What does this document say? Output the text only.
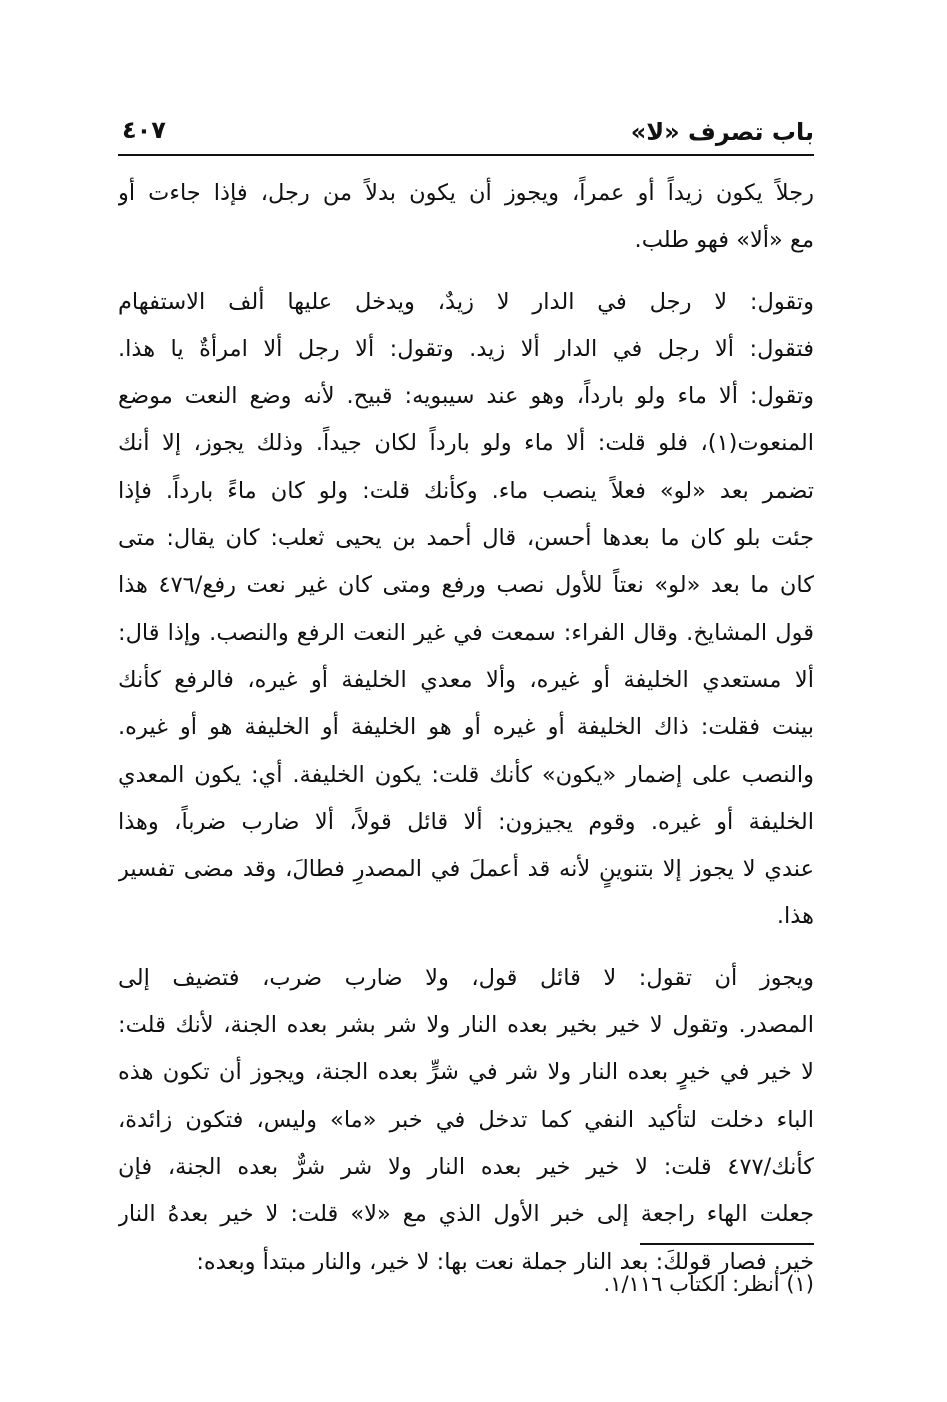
باب تصرف «لا»
٤٠٧
رجلاً يكون زيداً أو عمراً، ويجوز أن يكون بدلاً من رجل، فإذا جاءت أو
مع «ألا» فهو طلب.
وتقول: لا رجل في الدار لا زيدٌ، ويدخل عليها ألف الاستفهام
فتقول: ألا رجل في الدار ألا زيد. وتقول: ألا رجل ألا امرأةٌ يا هذا.
وتقول: ألا ماء ولو بارداً، وهو عند سيبويه: قبيح. لأنه وضع النعت موضع
المنعوت(١)، فلو قلت: ألا ماء ولو بارداً لكان جيداً. وذلك يجوز، إلا أنك
تضمر بعد «لو» فعلاً ينصب ماء. وكأنك قلت: ولو كان ماءً بارداً. فإذا
جئت بلو كان ما بعدها أحسن، قال أحمد بن يحيى ثعلب: كان يقال: متى
كان ما بعد «لو» نعتاً للأول نصب ورفع ومتى كان غير نعت رفع/٤٧٦ هذا
قول المشايخ. وقال الفراء: سمعت في غير النعت الرفع والنصب. وإذا قال:
ألا مستعدي الخليفة أو غيره، وألا معدي الخليفة أو غيره، فالرفع كأنك
بينت فقلت: ذاك الخليفة أو غيره أو هو الخليفة أو الخليفة هو أو غيره.
والنصب على إضمار «يكون» كأنك قلت: يكون الخليفة. أي: يكون المعدي
الخليفة أو غيره. وقوم يجيزون: ألا قائل قولاً، ألا ضارب ضرباً، وهذا
عندي لا يجوز إلا بتنوينٍ لأنه قد أعملَ في المصدرِ فطالَ، وقد مضى تفسير
هذا.
ويجوز أن تقول: لا قائل قول، ولا ضارب ضرب، فتضيف إلى
المصدر. وتقول لا خير بخير بعده النار ولا شر بشر بعده الجنة، لأنك قلت:
لا خير في خيرٍ بعده النار ولا شر في شرٍّ بعده الجنة، ويجوز أن تكون هذه
الباء دخلت لتأكيد النفي كما تدخل في خبر «ما» وليس، فتكون زائدة،
كأنك/٤٧٧ قلت: لا خير خير بعده النار ولا شر شرٌّ بعده الجنة، فإن
جعلت الهاء راجعة إلى خبر الأول الذي مع «لا» قلت: لا خير بعدهُ النار
خير. فصار قولكَ: بعد النار جملة نعت بها: لا خير، والنار مبتدأ وبعده:
(١) أنظر: الكتاب ١/١١٦.
